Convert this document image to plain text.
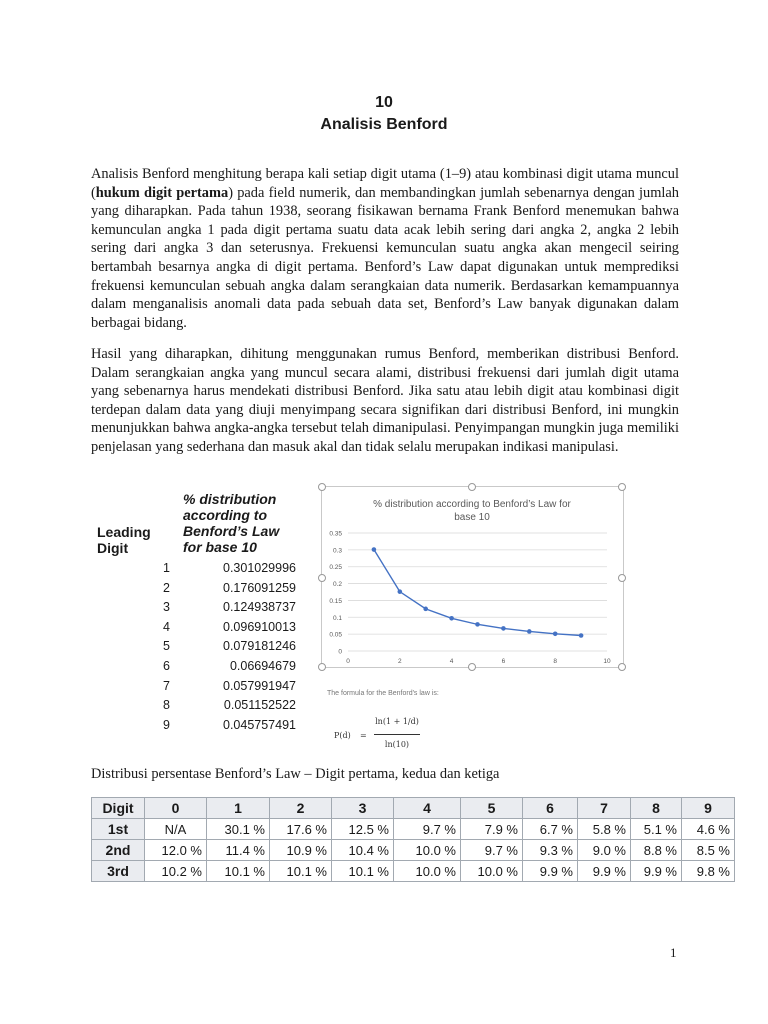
10
Analisis Benford
Analisis Benford menghitung berapa kali setiap digit utama (1–9) atau kombinasi digit utama muncul (hukum digit pertama) pada field numerik, dan membandingkan jumlah sebenarnya dengan jumlah yang diharapkan. Pada tahun 1938, seorang fisikawan bernama Frank Benford menemukan bahwa kemunculan angka 1 pada digit pertama suatu data acak lebih sering dari angka 2, angka 2 lebih sering dari angka 3 dan seterusnya. Frekuensi kemunculan suatu angka akan mengecil seiring bertambah besarnya angka di digit pertama. Benford’s Law dapat digunakan untuk memprediksi frekuensi kemunculan sebuah angka dalam serangkaian data numerik. Berdasarkan kemampuannya dalam menganalisis anomali data pada sebuah data set, Benford’s Law banyak digunakan dalam berbagai bidang.
Hasil yang diharapkan, dihitung menggunakan rumus Benford, memberikan distribusi Benford. Dalam serangkaian angka yang muncul secara alami, distribusi frekuensi dari jumlah digit utama yang sebenarnya harus mendekati distribusi Benford. Jika satu atau lebih digit atau kombinasi digit terdepan dalam data yang diuji menyimpang secara signifikan dari distribusi Benford, ini mungkin menunjukkan bahwa angka-angka tersebut telah dimanipulasi. Penyimpangan mungkin juga memiliki penjelasan yang sederhana dan masuk akal dan tidak selalu merupakan indikasi manipulasi.
Leading
Digit
% distribution
according to
Benford’s Law
for base 10
1	0.301029996
2	0.176091259
3	0.124938737
4	0.096910013
5	0.079181246
6	0.06694679
7	0.057991947
8	0.051152522
9	0.045757491
% distribution according to Benford’s Law for
base 10
0
0.05
0.1
0.15
0.2
0.25
0.3
0.35
0	2	4	6	8	10
The formula for the Benford's law is:
P(d) =
ln(1 + 1/d)
ln(10)
Distribusi persentase Benford’s Law – Digit pertama, kedua dan ketiga
Digit	0	1	2	3	4	5	6	7	8	9
1st	N/A	30.1 %	17.6 %	12.5 %	9.7 %	7.9 %	6.7 %	5.8 %	5.1 %	4.6 %
2nd	12.0 %	11.4 %	10.9 %	10.4 %	10.0 %	9.7 %	9.3 %	9.0 %	8.8 %	8.5 %
3rd	10.2 %	10.1 %	10.1 %	10.1 %	10.0 %	10.0 %	9.9 %	9.9 %	9.9 %	9.8 %
1
